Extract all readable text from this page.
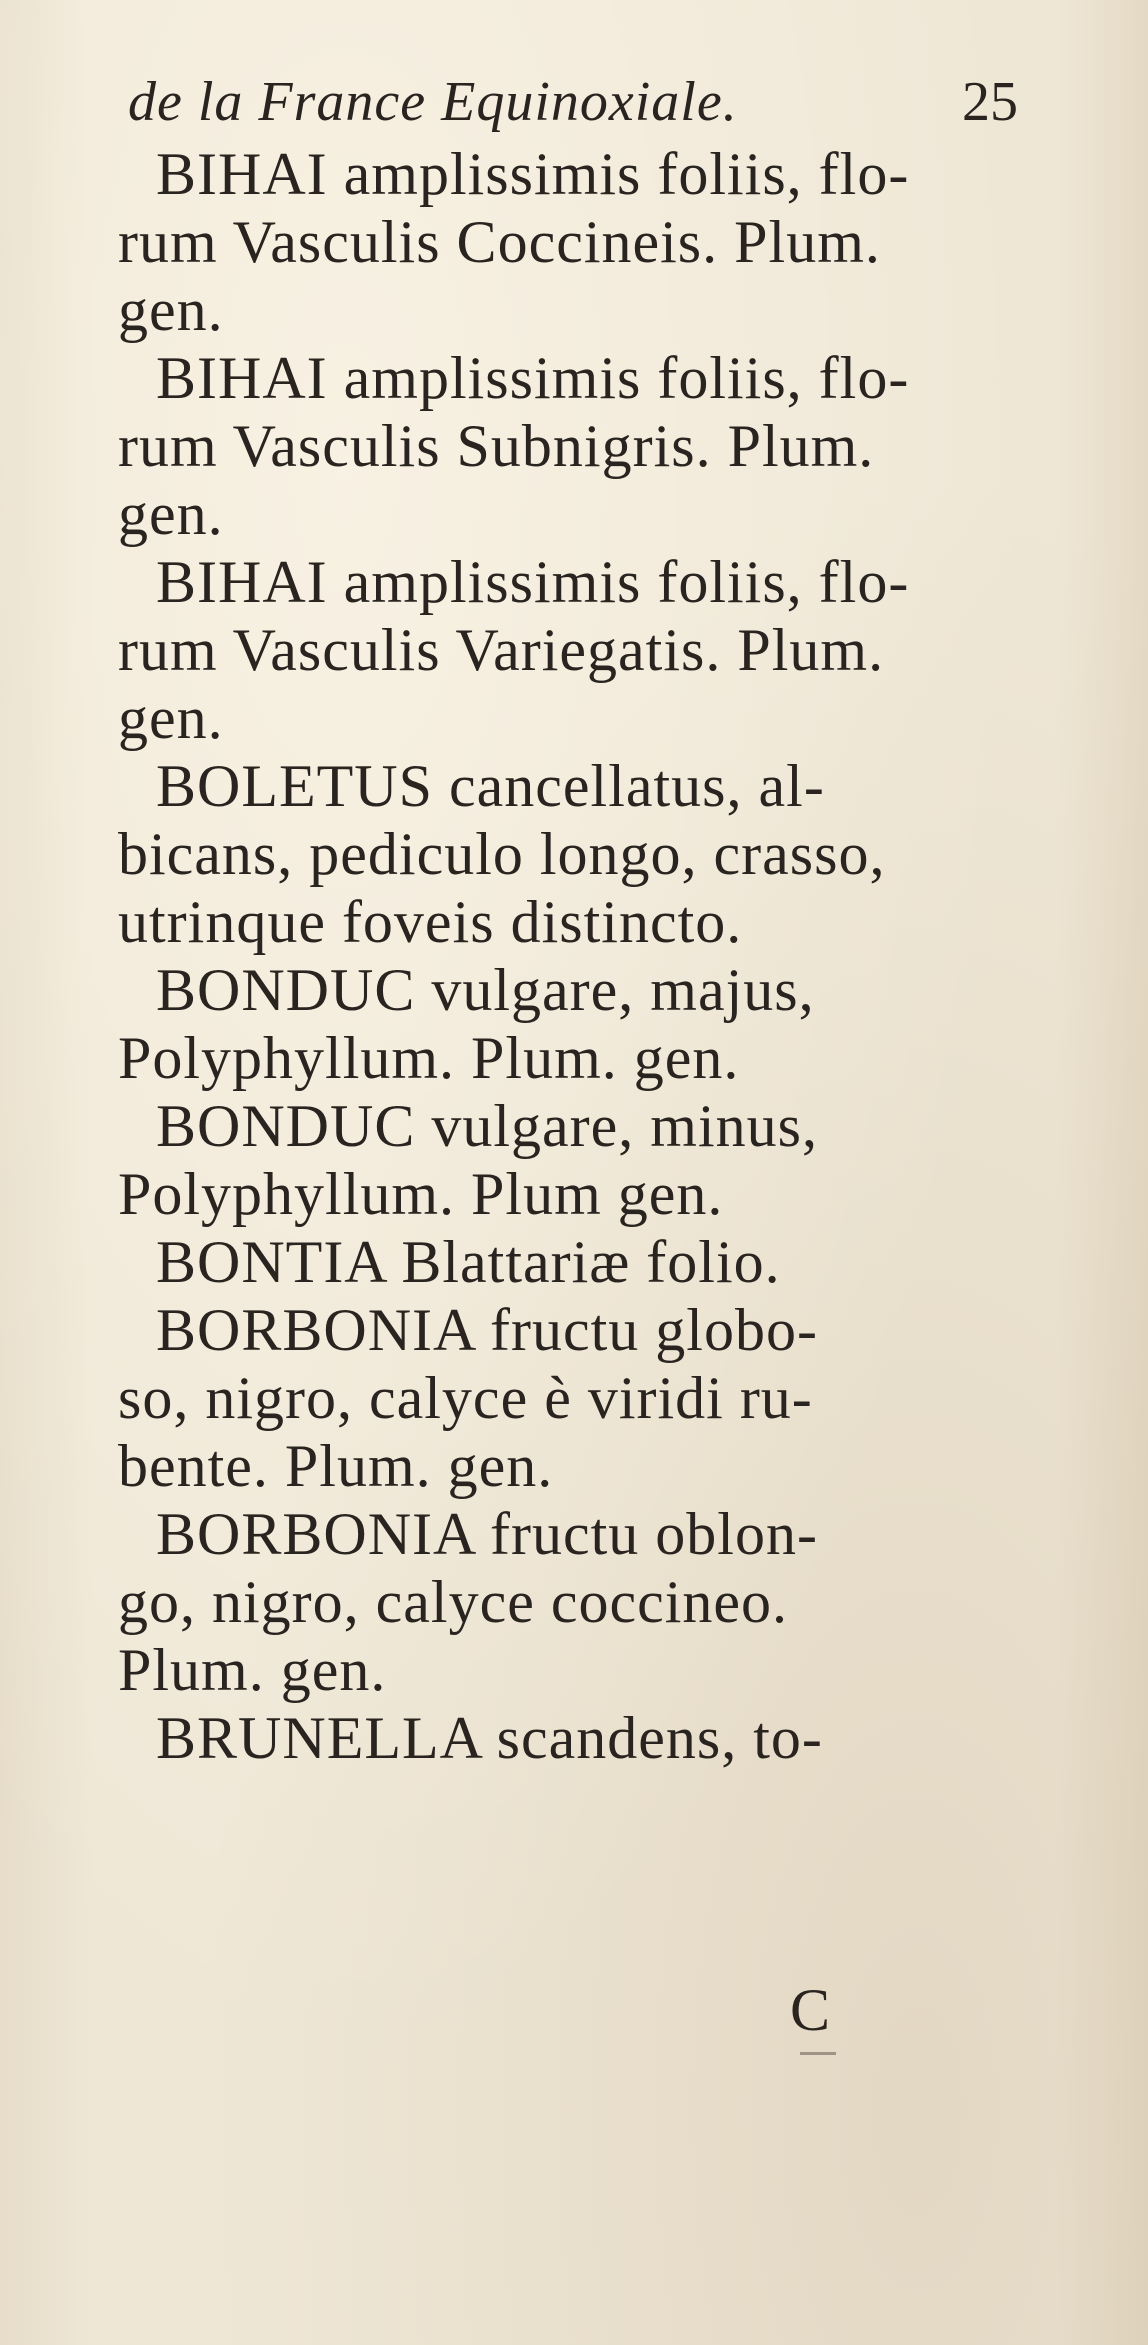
de la France Equinoxiale.	25
BIHAI amplissimis foliis, flo-
rum Vasculis Coccineis. Plum.
gen.
BIHAI amplissimis foliis, flo-
rum Vasculis Subnigris. Plum.
gen.
BIHAI amplissimis foliis, flo-
rum Vasculis Variegatis. Plum.
gen.
BOLETUS cancellatus, al-
bicans, pediculo longo, crasso,
utrinque foveis distincto.
BONDUC vulgare, majus,
Polyphyllum. Plum. gen.
BONDUC vulgare, minus,
Polyphyllum. Plum gen.
BONTIA Blattariæ folio.
BORBONIA fructu globo-
so, nigro, calyce è viridi ru-
bente. Plum. gen.
BORBONIA fructu oblon-
go, nigro, calyce coccineo.
Plum. gen.
BRUNELLA scandens, to-
C
